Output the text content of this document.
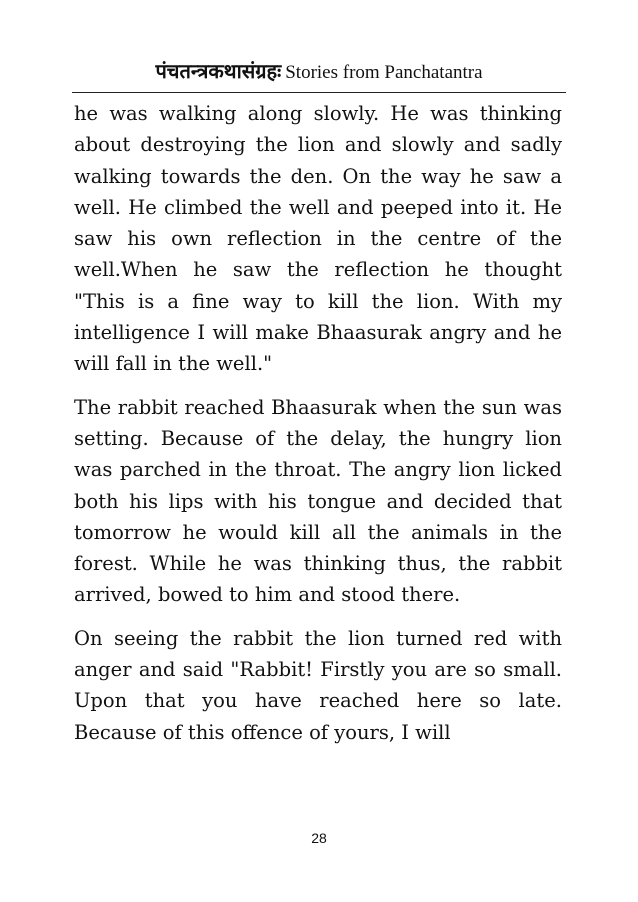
पंचतन्त्रकथासंग्रहः Stories from Panchatantra

he was walking along slowly. He was thinking about destroying the lion and slowly and sadly walking towards the den. On the way he saw a well. He climbed the well and peeped into it. He saw his own reflection in the centre of the well.When he saw the reflection he thought "This is a fine way to kill the lion. With my intelligence I will make Bhaasurak angry and he will fall in the well."

The rabbit reached Bhaasurak when the sun was setting. Because of the delay, the hungry lion was parched in the throat. The angry lion licked both his lips with his tongue and decided that tomorrow he would kill all the animals in the forest. While he was thinking thus, the rabbit arrived, bowed to him and stood there.

On seeing the rabbit the lion turned red with anger and said "Rabbit! Firstly you are so small. Upon that you have reached here so late. Because of this offence of yours, I will

28
